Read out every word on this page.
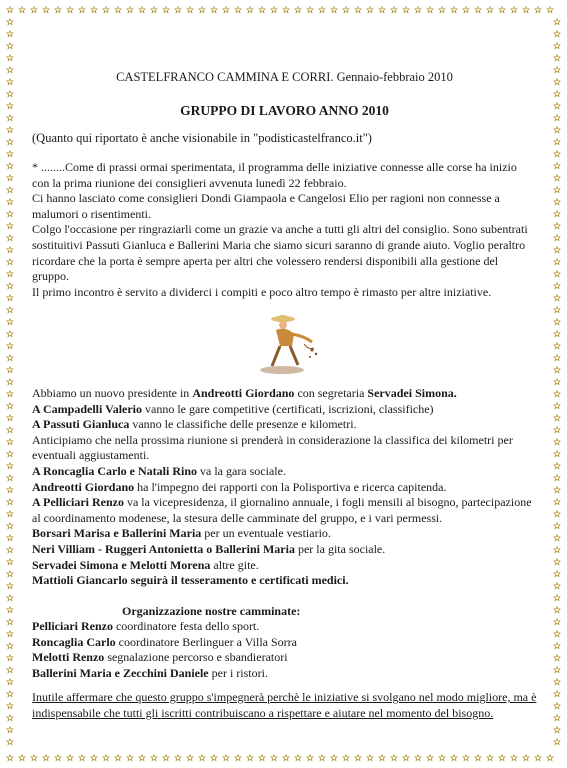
CASTELFRANCO CAMMINA E CORRI. Gennaio-febbraio 2010
GRUPPO DI LAVORO ANNO 2010
(Quanto qui riportato è anche visionabile in "podisticastelfranco.it")

* ........Come di prassi ormai sperimentata, il programma delle iniziative connesse alle corse ha inizio con la prima riunione dei consiglieri avvenuta lunedì 22 febbraio.

Ci hanno lasciato come consiglieri Dondi Giampaola e Cangelosi Elio per ragioni non connesse a malumori o risentimenti.

Colgo l'occasione per ringraziarli come un grazie va anche a tutti gli altri del consiglio. Sono subentrati sostituitivi Passuti Gianluca e Ballerini Maria che siamo sicuri saranno di grande aiuto. Voglio peraltro ricordare che la porta è sempre aperta per altri che volessero rendersi disponibili alla gestione del gruppo.

Il primo incontro è servito a dividerci i compiti e poco altro tempo è rimasto per altre iniziative.

Abbiamo un nuovo presidente in Andreotti Giordano con segretaria Servadei Simona.

A Campadelli Valerio vanno le gare competitive (certificati, iscrizioni, classifiche)

A Passuti Gianluca vanno le classifiche delle presenze e kilometri.

Anticipiamo che nella prossima riunione si prenderà in considerazione la classifica dei kilometri per eventuali aggiustamenti.

A Roncaglia Carlo e Natali Rino va la gara sociale.

Andreotti Giordano ha l'impegno dei rapporti con la Polisportiva e ricerca capitenda.

A Pelliciari Renzo va la vicepresidenza, il giornalino annuale, i fogli mensili al bisogno, partecipazione al coordinamento modenese, la stesura delle camminate del gruppo, e i vari permessi.

Borsari Marisa e Ballerini Maria per un eventuale vestiario.

Neri Villiam - Ruggeri Antonietta o Ballerini Maria per la gita sociale.

Servadei Simona e Melotti Morena altre gite.

Mattioli Giancarlo seguirà il tesseramento e certificati medici.

Organizzazione nostre camminate:

Pelliciari Renzo coordinatore festa dello sport.

Roncaglia Carlo coordinatore Berlinguer a Villa Sorra

Melotti Renzo segnalazione percorso e sbandieratori

Ballerini Maria e Zecchini Daniele per i ristori.

Inutile affermare che questo gruppo s'impegnerà perchè le iniziative si svolgano nel modo migliore, ma è indispensabile che tutti gli iscritti contribuiscano a rispettare e aiutare nel momento del bisogno.
